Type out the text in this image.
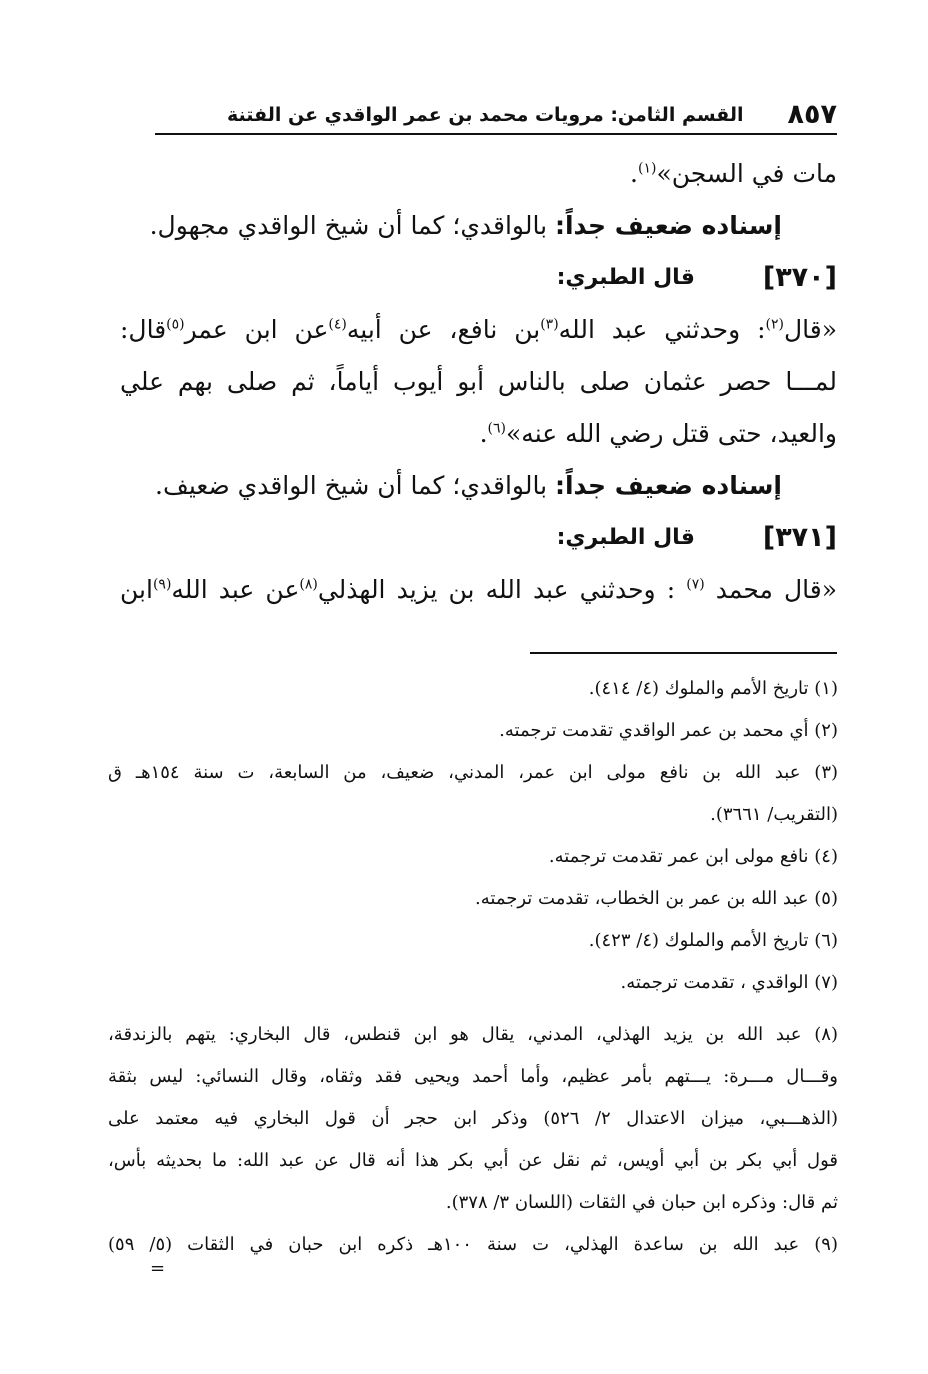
٨٥٧
القسم الثامن: مرويات محمد بن عمر الواقدي عن الفتنة
مات في السجن»$^{(١)}$.
إسناده ضعيف جداً: بالواقدي؛ كما أن شيخ الواقدي مجهول.
[٣٧٠]
قال الطبري:
«قال$^{(٢)}$: وحدثني عبد الله$^{(٣)}$بن نافع، عن أبيه$^{(٤)}$عن ابن عمر$^{(٥)}$قال:
لمـــا حصر عثمان صلى بالناس أبو أيوب أياماً، ثم صلى بهم علي
والعيد، حتى قتل رضي الله عنه»$^{(٦)}$.
إسناده ضعيف جداً: بالواقدي؛ كما أن شيخ الواقدي ضعيف.
[٣٧١]
قال الطبري:
«قال محمد $^{(٧)}$ : وحدثني عبد الله بن يزيد الهذلي$^{(٨)}$عن عبد الله$^{(٩)}$ابن
(١) تاريخ الأمم والملوك (٤/ ٤١٤).
(٢) أي محمد بن عمر الواقدي تقدمت ترجمته.
(٣) عبد الله بن نافع مولى ابن عمر، المدني، ضعيف، من السابعة، ت سنة ١٥٤هـ ق
(التقريب/ ٣٦٦١).
(٤) نافع مولى ابن عمر تقدمت ترجمته.
(٥) عبد الله بن عمر بن الخطاب، تقدمت ترجمته.
(٦) تاريخ الأمم والملوك (٤/ ٤٢٣).
(٧) الواقدي ، تقدمت ترجمته.
(٨) عبد الله بن يزيد الهذلي، المدني، يقال هو ابن قنطس، قال البخاري: يتهم بالزندقة،
وقـــال مـــرة: يـــتهم بأمر عظيم، وأما أحمد ويحيى فقد وثقاه، وقال النسائي: ليس بثقة
(الذهـــبي، ميزان الاعتدال ٢/ ٥٢٦) وذكر ابن حجر أن قول البخاري فيه معتمد على
قول أبي بكر بن أبي أويس، ثم نقل عن أبي بكر هذا أنه قال عن عبد الله: ما بحديثه بأس،
ثم قال: وذكره ابن حبان في الثقات (اللسان ٣/ ٣٧٨).
(٩) عبد الله بن ساعدة الهذلي، ت سنة ١٠٠هـ ذكره ابن حبان في الثقات (٥/ ٥٩)
=
